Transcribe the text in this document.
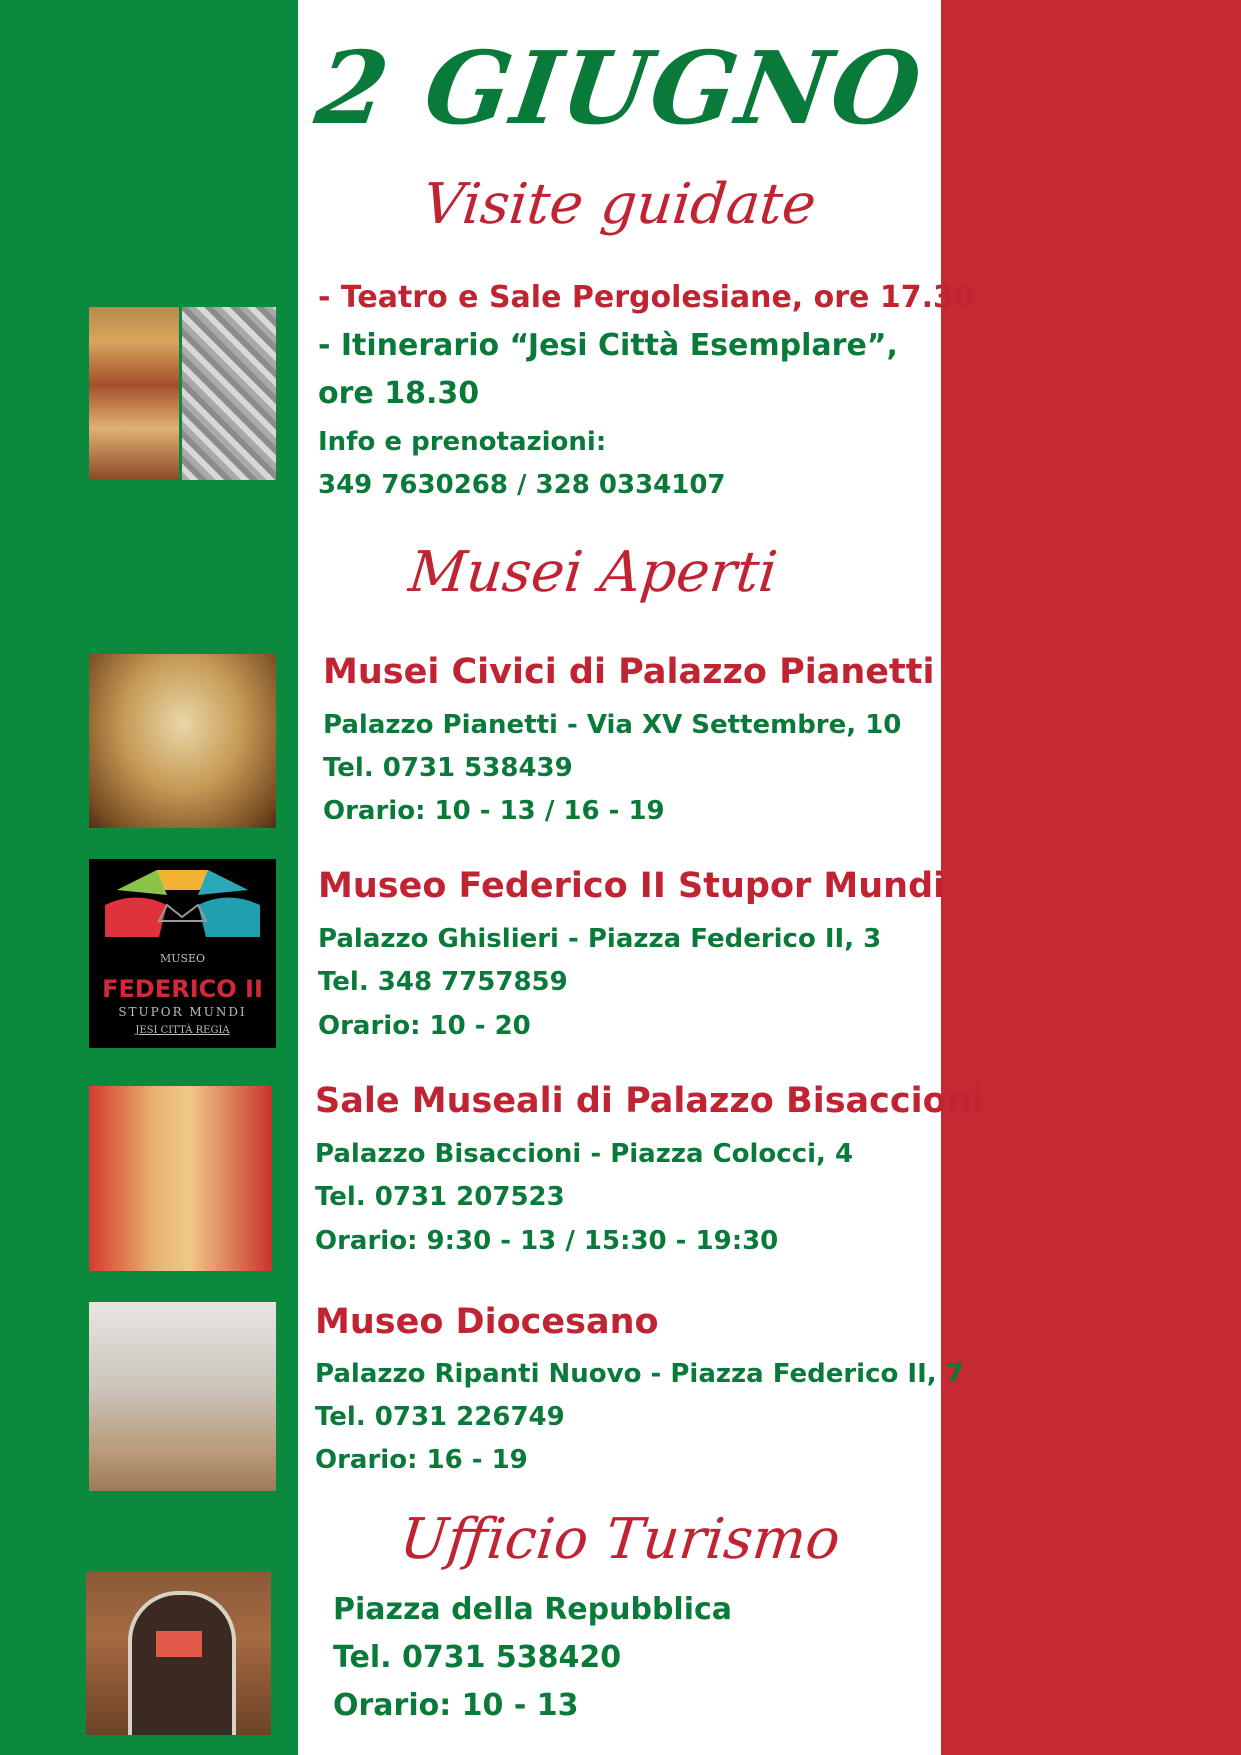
2 GIUGNO
Visite guidate
- Teatro e Sale Pergolesiane, ore 17.30
- Itinerario “Jesi Città Esemplare”,
ore 18.30
Info e prenotazioni:
349 7630268 / 328 0334107
Musei Aperti
Musei Civici di Palazzo Pianetti
Palazzo Pianetti - Via XV Settembre, 10
Tel. 0731 538439
Orario: 10 - 13 / 16 - 19
MUSEO
FEDERICO II
STUPOR MUNDI
JESI CITTÀ REGIA
Museo Federico II Stupor Mundi
Palazzo Ghislieri - Piazza Federico II, 3
Tel. 348 7757859
Orario: 10 - 20
Sale Museali di Palazzo Bisaccioni
Palazzo Bisaccioni - Piazza Colocci, 4
Tel. 0731 207523
Orario: 9:30 - 13 / 15:30 - 19:30
Museo Diocesano
Palazzo Ripanti Nuovo - Piazza Federico II, 7
Tel. 0731 226749
Orario: 16 - 19
Ufficio Turismo
Piazza della Repubblica
Tel. 0731 538420
Orario: 10 - 13
